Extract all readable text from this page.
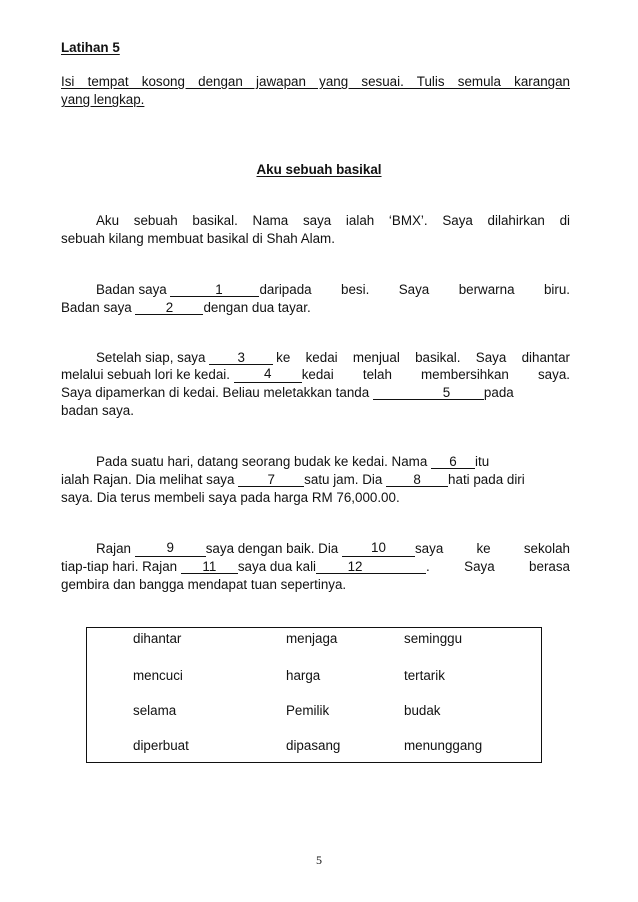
Latihan 5
Isi tempat kosong dengan jawapan yang sesuai. Tulis semula karangan
yang lengkap.
Aku sebuah basikal
Aku sebuah basikal. Nama saya ialah ‘BMX’. Saya dilahirkan di
sebuah kilang membuat basikal di Shah Alam.
Badan saya	1	daripada besi. Saya berwarna biru.
Badan saya	2 dengan dua tayar.
Setelah siap, saya 3	ke kedai menjual basikal. Saya dihantar
melalui sebuah lori ke kedai.
	4	kedai telah membersihkan saya.
Saya dipamerkan di kedai. Beliau meletakkan tanda	5	pada
badan saya.
Pada suatu hari, datang seorang budak ke kedai. Nama 6 itu
ialah Rajan. Dia melihat saya 7 satu jam. Dia 8 hati pada diri
saya. Dia terus membeli saya pada harga RM 76,000.00.
Rajan
	9	saya dengan baik. Dia
	10	saya ke sekolah
tiap-tiap hari. Rajan 11 saya dua kali 12	.	Saya	berasa
gembira dan bangga mendapat tuan sepertinya.
dihantar	menjaga	seminggu
mencuci	harga	tertarik
selama	Pemilik	budak
diperbuat	dipasang	menunggang
5
